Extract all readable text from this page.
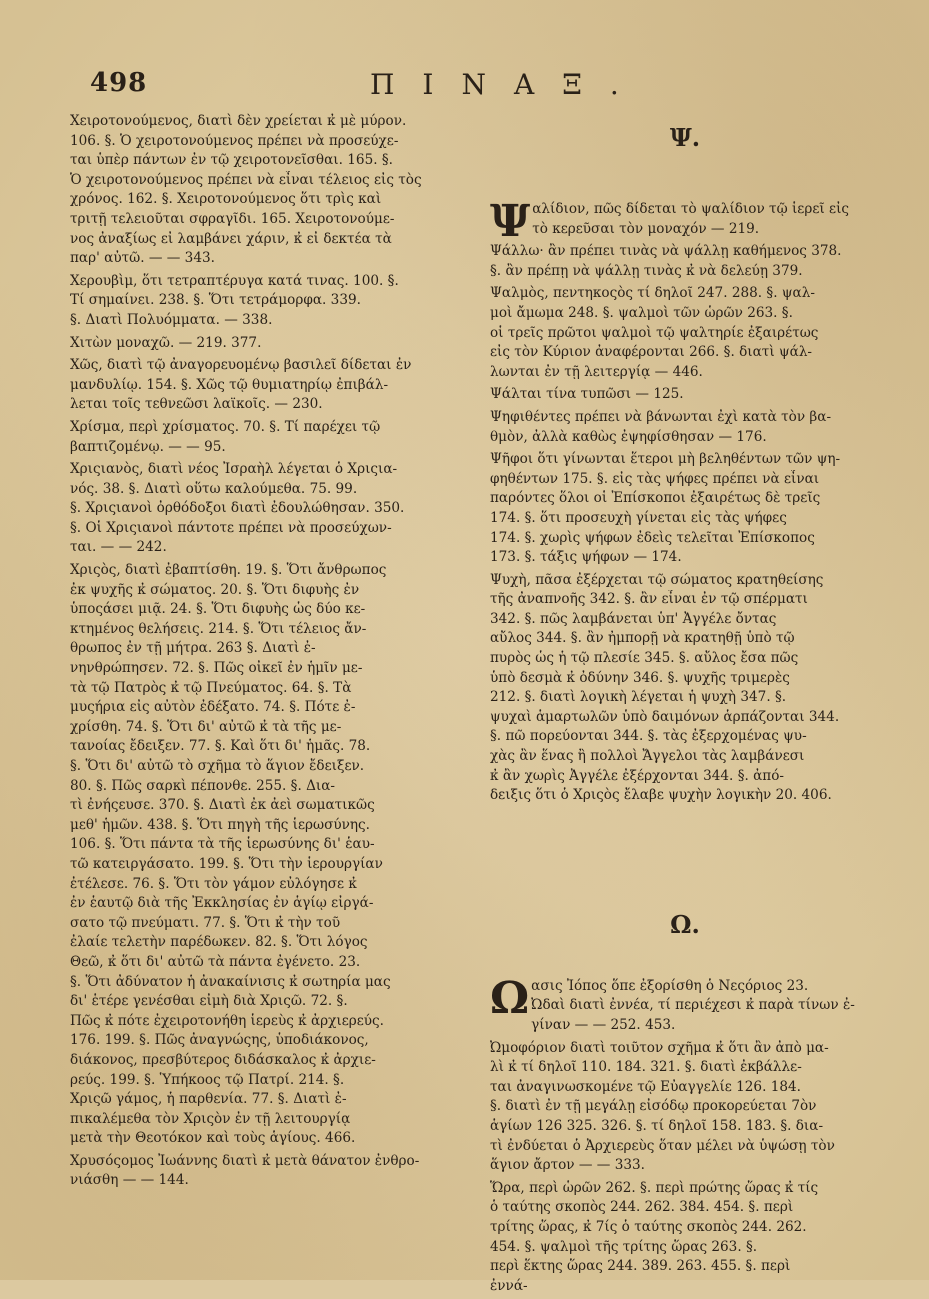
498	ΠΙΝΑΞ.

Χειροτονούμενος, διατὶ δὲν χρείεται κ̓ μὲ μύρον.

106. §. Ὁ χειροτονούμενος πρέπει νὰ προσεύχε-

ται ὑπὲρ πάντων ἐν τῷ χειροτονεῖσθαι. 165. §.

Ὁ χειροτονούμενος πρέπει νὰ εἶναι τέλειος εἰς τὸς

χρόνος. 162. §. Χειροτονούμενος ὅτι τρὶς καὶ

τριτῇ τελειοῦται σφραγῖδι. 165. Χειροτονούμε-

νος ἀναξίως εἰ λαμβάνει χάριν, κ̓ εἰ δεκτέα τὰ

παρ' αὐτῶ. — — 343.

Χερουβὶμ, ὅτι τετραπτέρυγα κατά τινας. 100. §.

Τί σημαίνει. 238. §. Ὅτι τετράμορφα. 339.

§. Διατὶ Πολυόμματα. — 338.

Χιτὼν μοναχῶ. — 219. 377.

Χῶς, διατὶ τῷ ἀναγορευομένῳ βασιλεῖ δίδεται ἐν

μανδυλίῳ. 154. §. Χῶς τῷ θυμιατηρίῳ ἐπιβάλ-

λεται τοῖς τεθνεῶσι λαϊκοῖς. — 230.

Χρίσμα, περὶ χρίσματος. 70. §. Τί παρέχει τῷ

βαπτιζομένῳ. — — 95.

Χριςιανὸς, διατὶ νέος Ἰσραὴλ λέγεται ὁ Χριςια-

νός. 38. §. Διατὶ οὕτω καλούμεθα. 75. 99.

§. Χριςιανοὶ ὀρθόδοξοι διατὶ ἐδουλώθησαν. 350.

§. Οἱ Χριςιανοὶ πάντοτε πρέπει νὰ προσεύχων-

ται. — — 242.

Χριςὸς, διατὶ ἐβαπτίσθη. 19. §. Ὅτι ἄνθρωπος

ἐκ ψυχῆς κ̓ σώματος. 20. §. Ὅτι διφυὴς ἐν

ὑποςάσει μιᾷ. 24. §. Ὅτι διφυὴς ὡς δύο κε-

κτημένος θελήσεις. 214. §. Ὅτι τέλειος ἄν-

θρωπος ἐν τῇ μήτρα. 263 §. Διατὶ ἐ-

νηνθρώπησεν. 72. §. Πῶς οἰκεῖ ἐν ἡμῖν με-

τὰ τῷ Πατρὸς κ̓ τῷ Πνεύματος. 64. §. Τὰ

μυςήρια εἰς αὐτὸν ἐδέξατο. 74. §. Πότε ἐ-

χρίσθη. 74. §. Ὅτι δι' αὐτῶ κ̓ τὰ τῆς με-

τανοίας ἔδειξεν. 77. §. Καὶ ὅτι δι' ἡμᾶς. 78.

§. Ὅτι δι' αὐτῶ τὸ σχῆμα τὸ ἅγιον ἔδειξεν.

80. §. Πῶς σαρκὶ πέπονθε. 255. §. Δια-

τὶ ἐνήςευσε. 370. §. Διατὶ ἐκ ἀεὶ σωματικῶς

μεθ' ἡμῶν. 438. §. Ὅτι πηγὴ τῆς ἱερωσύνης.

106. §. Ὅτι πάντα τὰ τῆς ἱερωσύνης δι' ἑαυ-

τῶ κατειργάσατο. 199. §. Ὅτι τὴν ἱερουργίαν

ἐτέλεσε. 76. §. Ὅτι τὸν γάμον εὐλόγησε κ̓

ἐν ἑαυτῷ διὰ τῆς Ἐκκλησίας ἐν ἁγίῳ εἰργά-

σατο τῷ πνεύματι. 77. §. Ὅτι κ̓ τὴν τοῦ

ἐλαίε τελετὴν παρέδωκεν. 82. §. Ὅτι λόγος

Θεῶ, κ̓ ὅτι δι' αὐτῶ τὰ πάντα ἐγένετο. 23.

§. Ὅτι ἀδύνατον ἡ ἀνακαίνισις κ̓ σωτηρία μας

δι' ἑτέρε γενέσθαι εἰμὴ διὰ Χριςῶ. 72. §.

Πῶς κ̓ πότε ἐχειροτονήθη ἱερεὺς κ̓ ἀρχιερεύς.

176. 199. §. Πῶς ἀναγνώςης, ὑποδιάκονος,

διάκονος, πρεσβύτερος διδάσκαλος κ̓ ἀρχιε-

ρεύς. 199. §. Ὑπήκοος τῷ Πατρί. 214. §.

Χριςῶ γάμος, ἡ παρθενία. 77. §. Διατὶ ἐ-

πικαλέμεθα τὸν Χριςὸν ἐν τῇ λειτουργίᾳ

μετὰ τὴν Θεοτόκον καὶ τοὺς ἁγίους. 466.

Χρυσόςομος Ἰωάννης διατὶ κ̓ μετὰ θάνατον ἐνθρο-

νιάσθη — — 144.

Ψ.
Ψ αλίδιον, πῶς δίδεται τὸ ψαλίδιον τῷ ἱερεῖ εἰς

τὸ κερεῦσαι τὸν μοναχόν — 219.

Ψάλλω· ἂν πρέπει τινὰς νὰ ψάλλῃ καθήμενος 378.

§. ἂν πρέπῃ νὰ ψάλλῃ τινὰς κ̓ νὰ δελεύῃ 379.

Ψαλμὸς, πεντηκοςὸς τί δηλοῖ 247. 288. §. ψαλ-

μοὶ ἄμωμα 248. §. ψαλμοὶ τῶν ὡρῶν 263. §.

οἱ τρεῖς πρῶτοι ψαλμοὶ τῷ ψαλτηρίε ἐξαιρέτως

εἰς τὸν Κύριον ἀναφέρονται 266. §. διατὶ ψάλ-

λωνται ἐν τῇ λειτεργίᾳ — 446.

Ψάλται τίνα τυπῶσι — 125.

Ψηφιθέντες πρέπει νὰ βάνωνται ἐχὶ κατὰ τὸν βα-

θμὸν, ἀλλὰ καθὼς ἐψηφίσθησαν — 176.

Ψῆφοι ὅτι γίνωνται ἕτεροι μὴ βεληθέντων τῶν ψη-

φηθέντων 175. §. εἰς τὰς ψήφες πρέπει νὰ εἶναι

παρόντες ὅλοι οἱ Ἐπίσκοποι ἐξαιρέτως δὲ τρεῖς

174. §. ὅτι προσευχὴ γίνεται εἰς τὰς ψήφες

174. §. χωρὶς ψήφων ἐδεὶς τελεῖται Ἐπίσκοπος

173. §. τάξις ψήφων — 174.

Ψυχὴ, πᾶσα ἐξέρχεται τῷ σώματος κρατηθείσης

τῆς ἀναπνοῆς 342. §. ἂν εἶναι ἐν τῷ σπέρματι

342. §. πῶς λαμβάνεται ὑπ' Ἀγγέλε ὄντας

αὔλος 344. §. ἂν ἠμπορῇ νὰ κρατηθῇ ὑπὸ τῷ

πυρὸς ὡς ἡ τῷ πλεσίε 345. §. αὔλος ἔσα πῶς

ὑπὸ δεσμὰ κ̓ ὀδύνην 346. §. ψυχῆς τριμερὲς

212. §. διατὶ λογικὴ λέγεται ἡ ψυχὴ 347. §.

ψυχαὶ ἁμαρτωλῶν ὑπὸ δαιμόνων ἁρπάζονται 344.

§. πῶ πορεύονται 344. §. τὰς ἐξερχομένας ψυ-

χὰς ἂν ἕνας ἢ πολλοὶ Ἄγγελοι τὰς λαμβάνεσι

κ̓ ἂν χωρὶς Ἀγγέλε ἐξέρχονται 344. §. ἀπό-

δειξις ὅτι ὁ Χριςὸς ἔλαβε ψυχὴν λογικὴν 20. 406.

Ω.
Ω ασις Ἰόπος ὅπε ἐξορίσθη ὁ Νεςόριος 23.

Ὠδαὶ διατὶ ἐννέα, τί περιέχεσι κ̓ παρὰ τίνων ἐ-

γίναν — — 252. 453.

Ὠμοφόριον διατὶ τοιῦτον σχῆμα κ̓ ὅτι ἂν ἀπὸ μα-

λὶ κ̓ τί δηλοῖ 110. 184. 321. §. διατὶ ἐκβάλλε-

ται ἀναγινωσκομένε τῷ Εὐαγγελίε 126. 184.

§. διατὶ ἐν τῇ μεγάλῃ εἰσόδῳ προκορεύεται 7ὸν

ἁγίων 126 325. 326. §. τί δηλοῖ 158. 183. §. δια-

τὶ ἐνδύεται ὁ Ἀρχιερεὺς ὅταν μέλει νὰ ὑψώσῃ τὸν

ἅγιον ἄρτον — — 333.

Ὥρα, περὶ ὡρῶν 262. §. περὶ πρώτης ὥρας κ̓ τίς

ὁ ταύτης σκοπὸς 244. 262. 384. 454. §. περὶ

τρίτης ὥρας, κ̓ 7ίς ὁ ταύτης σκοπὸς 244. 262.

454. §. ψαλμοὶ τῆς τρίτης ὥρας 263. §.

περὶ ἕκτης ὥρας 244. 389. 263. 455. §. περὶ

ἐννά-
